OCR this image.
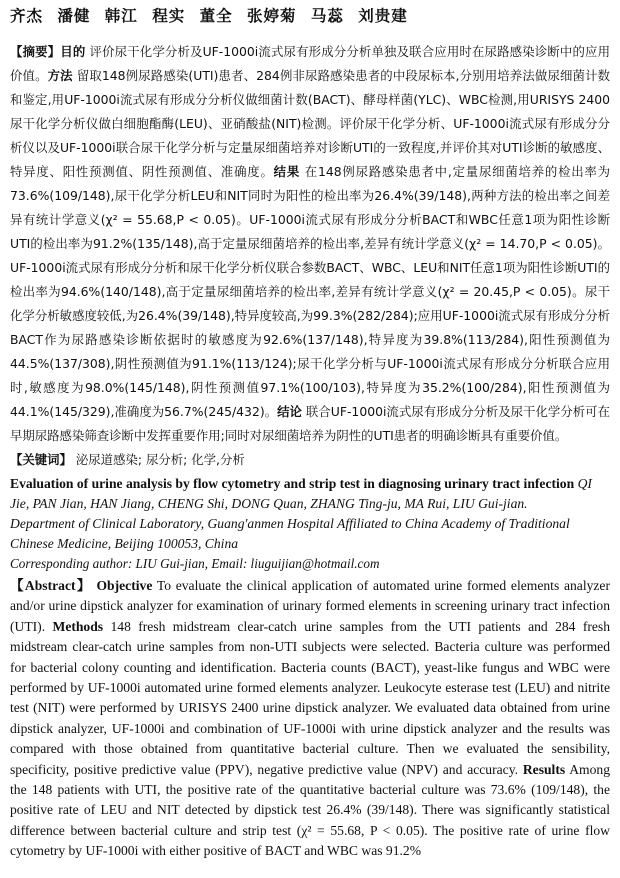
齐杰 潘健 韩江 程实 董全 张婷菊 马蕊 刘贵建

【摘要】目的 评价尿干化学分析及UF-1000i流式尿有形成分分析单独及联合应用时在尿路感染诊断中的应用价值。方法 留取148例尿路感染(UTI)患者、284例非尿路感染患者的中段尿标本,分别用培养法做尿细菌计数和鉴定,用UF-1000i流式尿有形成分分析仪做细菌计数(BACT)、酵母样菌(YLC)、WBC检测,用URISYS 2400尿干化学分析仪做白细胞酯酶(LEU)、亚硝酸盐(NIT)检测。评价尿干化学分析、UF-1000i流式尿有形成分分析仪以及UF-1000i联合尿干化学分析与定量尿细菌培养对诊断UTI的一致程度,并评价其对UTI诊断的敏感度、特异度、阳性预测值、阴性预测值、准确度。结果 在148例尿路感染患者中,定量尿细菌培养的检出率为73.6%(109/148),尿干化学分析LEU和NIT同时为阳性的检出率为26.4%(39/148),两种方法的检出率之间差异有统计学意义(χ² = 55.68,P < 0.05)。UF-1000i流式尿有形成分分析BACT和WBC任意1项为阳性诊断UTI的检出率为91.2%(135/148),高于定量尿细菌培养的检出率,差异有统计学意义(χ² = 14.70,P < 0.05)。UF-1000i流式尿有形成分分析和尿干化学分析仪联合参数BACT、WBC、LEU和NIT任意1项为阳性诊断UTI的检出率为94.6%(140/148),高于定量尿细菌培养的检出率,差异有统计学意义(χ² = 20.45,P < 0.05)。尿干化学分析敏感度较低,为26.4%(39/148),特异度较高,为99.3%(282/284);应用UF-1000i流式尿有形成分分析BACT作为尿路感染诊断依据时的敏感度为92.6%(137/148),特异度为39.8%(113/284),阳性预测值为44.5%(137/308),阴性预测值为91.1%(113/124);尿干化学分析与UF-1000i流式尿有形成分分析联合应用时,敏感度为98.0%(145/148),阴性预测值97.1%(100/103),特异度为35.2%(100/284),阳性预测值为44.1%(145/329),准确度为56.7%(245/432)。结论 联合UF-1000i流式尿有形成分分析及尿干化学分析可在早期尿路感染筛查诊断中发挥重要作用;同时对尿细菌培养为阴性的UTI患者的明确诊断具有重要价值。

【关键词】 泌尿道感染; 尿分析; 化学,分析

Evaluation of urine analysis by flow cytometry and strip test in diagnosing urinary tract infection QI Jie, PAN Jian, HAN Jiang, CHENG Shi, DONG Quan, ZHANG Ting-ju, MA Rui, LIU Gui-jian.

Department of Clinical Laboratory, Guang'anmen Hospital Affiliated to China Academy of Traditional Chinese Medicine, Beijing 100053, China

Corresponding author: LIU Gui-jian, Email: liuguijian@hotmail.com

【Abstract】 Objective To evaluate the clinical application of automated urine formed elements analyzer and/or urine dipstick analyzer for examination of urinary formed elements in screening urinary tract infection (UTI). Methods 148 fresh midstream clear-catch urine samples from the UTI patients and 284 fresh midstream clear-catch urine samples from non-UTI subjects were selected. Bacteria culture was performed for bacterial colony counting and identification. Bacteria counts (BACT), yeast-like fungus and WBC were performed by UF-1000i automated urine formed elements analyzer. Leukocyte esterase test (LEU) and nitrite test (NIT) were performed by URISYS 2400 urine dipstick analyzer. We evaluated data obtained from urine dipstick analyzer, UF-1000i and combination of UF-1000i with urine dipstick analyzer and the results was compared with those obtained from quantitative bacterial culture. Then we evaluated the sensibility, specificity, positive predictive value (PPV), negative predictive value (NPV) and accuracy. Results Among the 148 patients with UTI, the positive rate of the quantitative bacterial culture was 73.6% (109/148), the positive rate of LEU and NIT detected by dipstick test 26.4% (39/148). There was significantly statistical difference between bacterial culture and strip test (χ² = 55.68, P < 0.05). The positive rate of urine flow cytometry by UF-1000i with either positive of BACT and WBC was 91.2%
